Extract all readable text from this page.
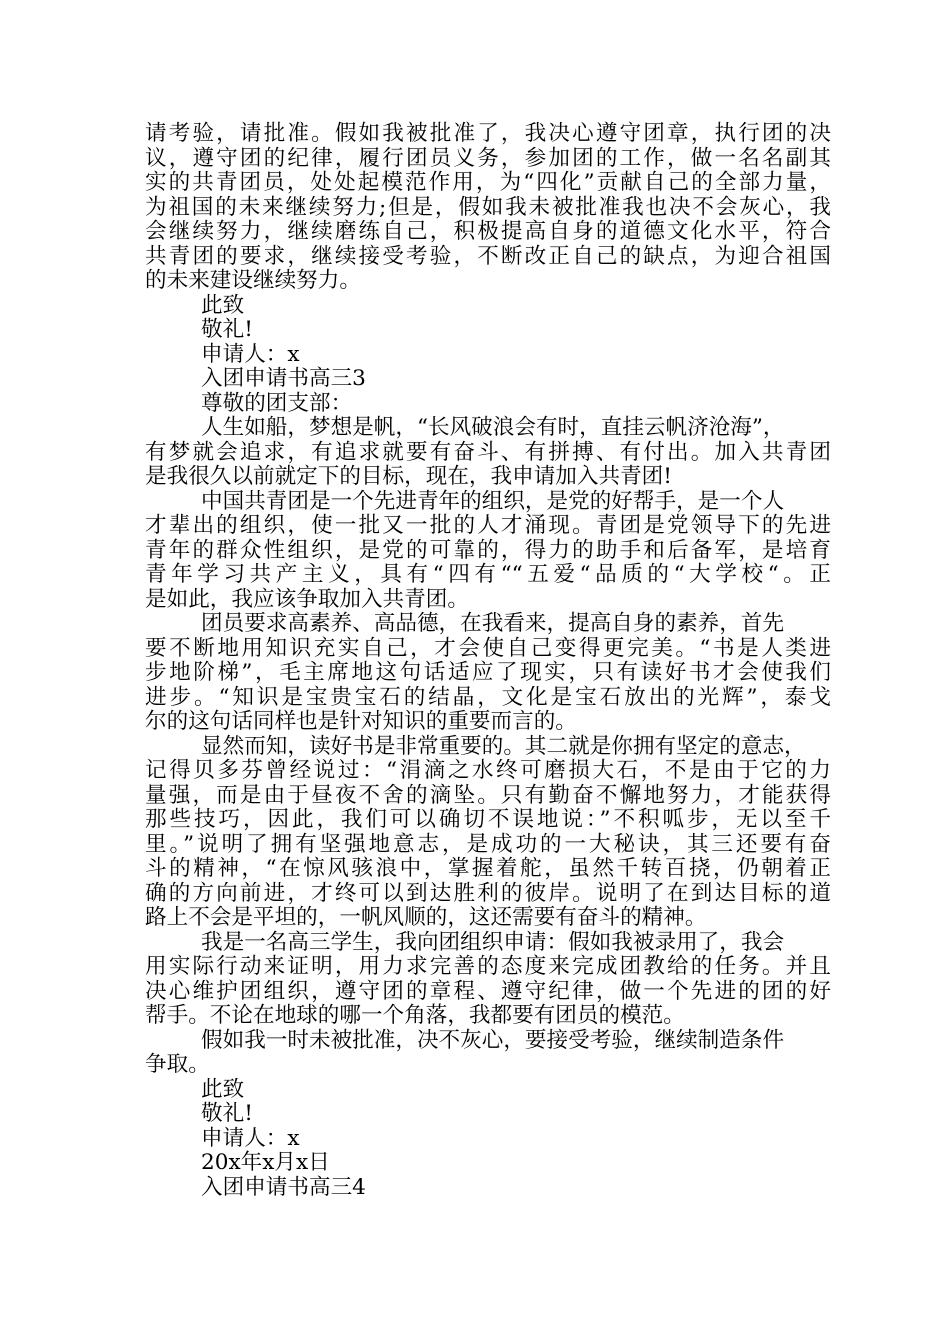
请考验，请批准。假如我被批准了，我决心遵守团章，执行团的决
议，遵守团的纪律，履行团员义务，参加团的工作，做一名名副其
实的共青团员，处处起模范作用，为“四化”贡献自己的全部力量，
为祖国的未来继续努力;但是，假如我未被批准我也决不会灰心，我
会继续努力，继续磨练自己，积极提高自身的道德文化水平，符合
共青团的要求，继续接受考验，不断改正自己的缺点，为迎合祖国
的未来建设继续努力。
此致
敬礼!
申请人：x
入团申请书高三3
尊敬的团支部：
人生如船，梦想是帆，“长风破浪会有时，直挂云帆济沧海”，
有梦就会追求，有追求就要有奋斗、有拼搏、有付出。加入共青团
是我很久以前就定下的目标，现在，我申请加入共青团!
中国共青团是一个先进青年的组织，是党的好帮手，是一个人
才辈出的组织，使一批又一批的人才涌现。青团是党领导下的先进
青年的群众性组织，是党的可靠的，得力的助手和后备军，是培育
青年学习共产主义，具有“四有““五爱“品质的“大学校“。正
是如此，我应该争取加入共青团。
团员要求高素养、高品德，在我看来，提高自身的素养，首先
要不断地用知识充实自己，才会使自己变得更完美。“书是人类进
步地阶梯”，毛主席地这句话适应了现实，只有读好书才会使我们
进步。“知识是宝贵宝石的结晶，文化是宝石放出的光辉”，泰戈
尔的这句话同样也是针对知识的重要而言的。
显然而知，读好书是非常重要的。其二就是你拥有坚定的意志，
记得贝多芬曾经说过：“涓滴之水终可磨损大石，不是由于它的力
量强，而是由于昼夜不舍的滴坠。只有勤奋不懈地努力，才能获得
那些技巧，因此，我们可以确切不误地说：”不积呱步，无以至千
里。”说明了拥有坚强地意志，是成功的一大秘诀，其三还要有奋
斗的精神，“在惊风骇浪中，掌握着舵，虽然千转百挠，仍朝着正
确的方向前进，才终可以到达胜利的彼岸。说明了在到达目标的道
路上不会是平坦的，一帆风顺的，这还需要有奋斗的精神。
我是一名高三学生，我向团组织申请：假如我被录用了，我会
用实际行动来证明，用力求完善的态度来完成团教给的任务。并且
决心维护团组织，遵守团的章程、遵守纪律，做一个先进的团的好
帮手。不论在地球的哪一个角落，我都要有团员的模范。
假如我一时未被批准，决不灰心，要接受考验，继续制造条件
争取。
此致
敬礼!
申请人：x
20x年x月x日
入团申请书高三4
